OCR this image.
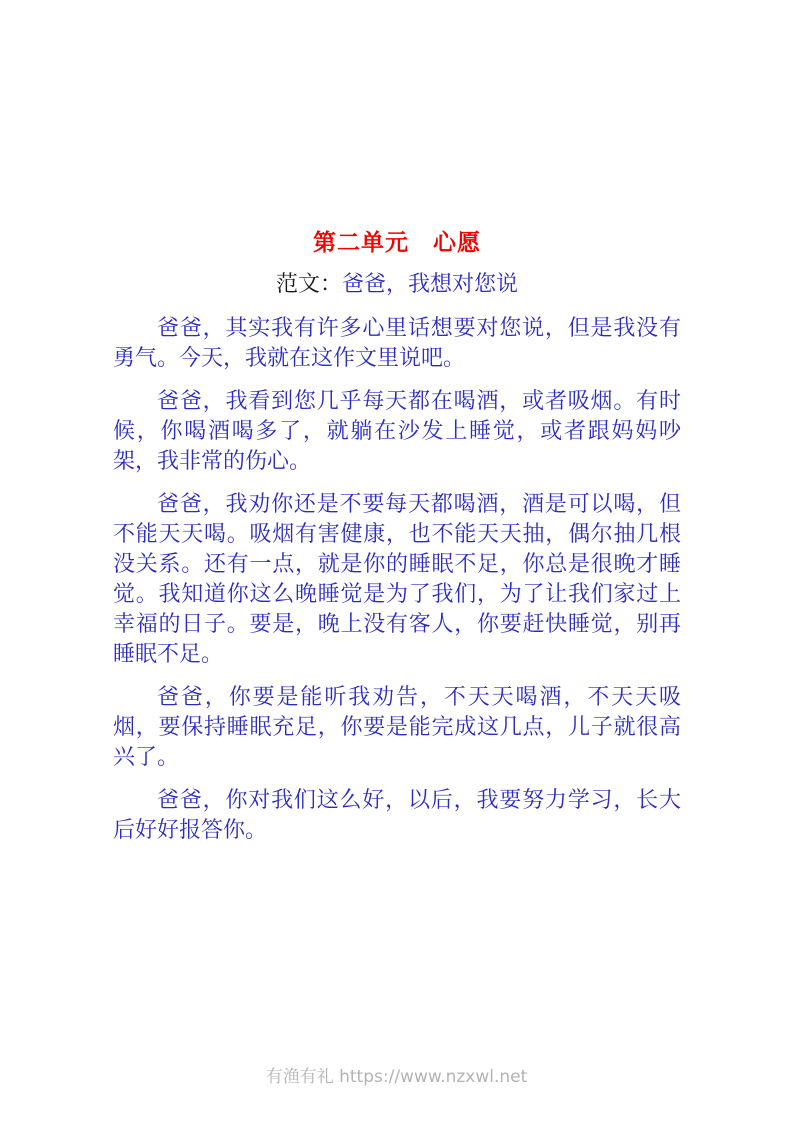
第二单元　心愿
范文：爸爸，我想对您说

爸爸，其实我有许多心里话想要对您说，但是我没有勇气。今天，我就在这作文里说吧。

爸爸，我看到您几乎每天都在喝酒，或者吸烟。有时候，你喝酒喝多了，就躺在沙发上睡觉，或者跟妈妈吵架，我非常的伤心。

爸爸，我劝你还是不要每天都喝酒，酒是可以喝，但不能天天喝。吸烟有害健康，也不能天天抽，偶尔抽几根没关系。还有一点，就是你的睡眠不足，你总是很晚才睡觉。我知道你这么晚睡觉是为了我们，为了让我们家过上幸福的日子。要是，晚上没有客人，你要赶快睡觉，别再睡眠不足。

爸爸，你要是能听我劝告，不天天喝酒，不天天吸烟，要保持睡眠充足，你要是能完成这几点，儿子就很高兴了。

爸爸，你对我们这么好，以后，我要努力学习，长大后好好报答你。

有渔有礼 https://www.nzxwl.net
